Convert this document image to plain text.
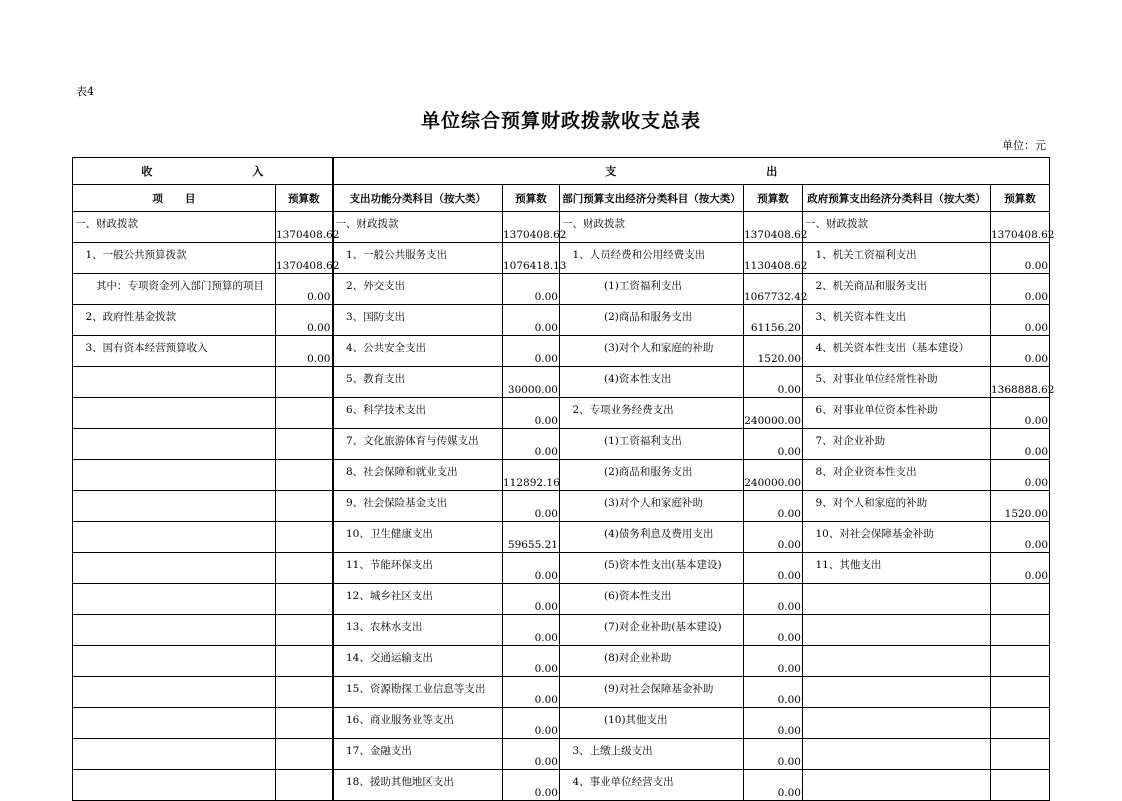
表4
单位综合预算财政拨款收支总表
单位：元
收 入		支 出					
项 目	预算数	支出功能分类科目（按大类）	预算数	部门预算支出经济分类科目（按大类）	预算数	政府预算支出经济分类科目（按大类）	预算数
一、财政拨款	1370408.62	一、财政拨款	1370408.62	一、财政拨款	1370408.62	一、财政拨款	1370408.62
　1、一般公共预算拨款	1370408.62	　1、一般公共服务支出	1076418.13	　1、人员经费和公用经费支出	1130408.62	　1、机关工资福利支出	0.00
　　其中：专项资金列入部门预算的项目	0.00	　2、外交支出	0.00	　　　　(1)工资福利支出	1067732.42	　2、机关商品和服务支出	0.00
　2、政府性基金拨款	0.00	　3、国防支出	0.00	　　　　(2)商品和服务支出	61156.20	　3、机关资本性支出	0.00
　3、国有资本经营预算收入	0.00	　4、公共安全支出	0.00	　　　　(3)对个人和家庭的补助	1520.00	　4、机关资本性支出（基本建设）	0.00
		　5、教育支出	30000.00	　　　　(4)资本性支出	0.00	　5、对事业单位经常性补助	1368888.62
		　6、科学技术支出	0.00	　2、专项业务经费支出	240000.00	　6、对事业单位资本性补助	0.00
		　7、文化旅游体育与传媒支出	0.00	　　　　(1)工资福利支出	0.00	　7、对企业补助	0.00
		　8、社会保障和就业支出	112892.16	　　　　(2)商品和服务支出	240000.00	　8、对企业资本性支出	0.00
		　9、社会保险基金支出	0.00	　　　　(3)对个人和家庭补助	0.00	　9、对个人和家庭的补助	1520.00
		　10、卫生健康支出	59655.21	　　　　(4)债务利息及费用支出	0.00	　10、对社会保障基金补助	0.00
		　11、节能环保支出	0.00	　　　　(5)资本性支出(基本建设)	0.00	　11、其他支出	0.00
		　12、城乡社区支出	0.00	　　　　(6)资本性支出	0.00		
		　13、农林水支出	0.00	　　　　(7)对企业补助(基本建设)	0.00		
		　14、交通运输支出	0.00	　　　　(8)对企业补助	0.00		
		　15、资源勘探工业信息等支出	0.00	　　　　(9)对社会保障基金补助	0.00		
		　16、商业服务业等支出	0.00	　　　　(10)其他支出	0.00		
		　17、金融支出	0.00	　3、上缴上级支出	0.00		
		　18、援助其他地区支出	0.00	　4、事业单位经营支出	0.00		
